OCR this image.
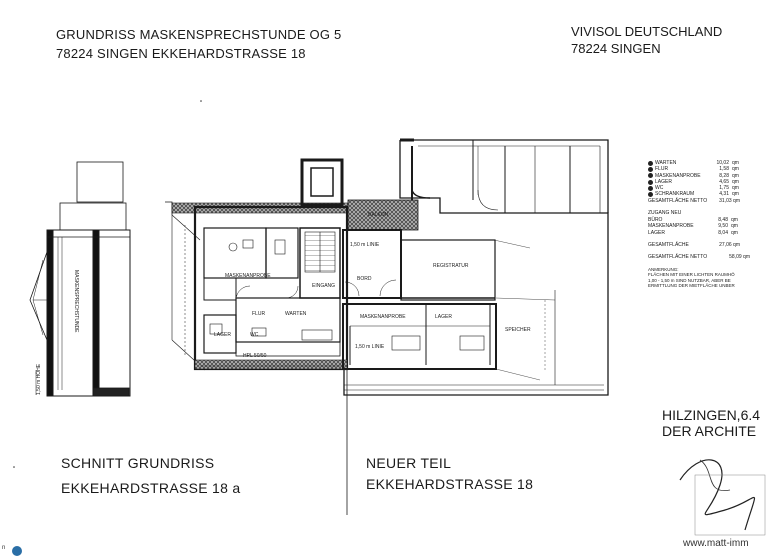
GRUNDRISS MASKENSPRECHSTUNDE OG 5
78224 SINGEN EKKEHARDSTRASSE 18
VIVISOL DEUTSCHLAND
78224 SINGEN
MASKENSPRECHSTUNDE
1,50 m HÖHE
BALKON
MASKENANPROBE
FLUR	WARTEN
LAGER	WC
EINGANG
BORD
REGISTRATUR
1,50 m LINIE
1,50 m LINIE
MASKENANPROBE	LAGER
SPEICHER
HPL 50/50
WARTEN	10,02 qm
FLUR	1,58 qm
MASKENANPROBE	8,28 qm
LAGER	4,65 qm
WC	1,75 qm
SCHRANKRAUM	4,31 qm
GESAMTFLÄCHE NETTO	31,03 qm
ZUGANG NEU
BÜRO	8,48 qm
MASKENANPROBE	9,50 qm
LAGER	8,04 qm
GESAMTFLÄCHE	27,06 qm
GESAMTFLÄCHE NETTO	58,09 qm
ANMERKUNG:
FLÄCHEN MIT EINER LICHTEN RAUMHÖ
1,00 - 1,50 m SIND NUTZBAR, ABER BE
ERMITTLUNG DER MIETFLÄCHE UNBER
HILZINGEN,6.4
DER ARCHITE
SCHNITT GRUNDRISS
EKKEHARDSTRASSE 18 a
NEUER TEIL
EKKEHARDSTRASSE 18
n	www.matt-imm
